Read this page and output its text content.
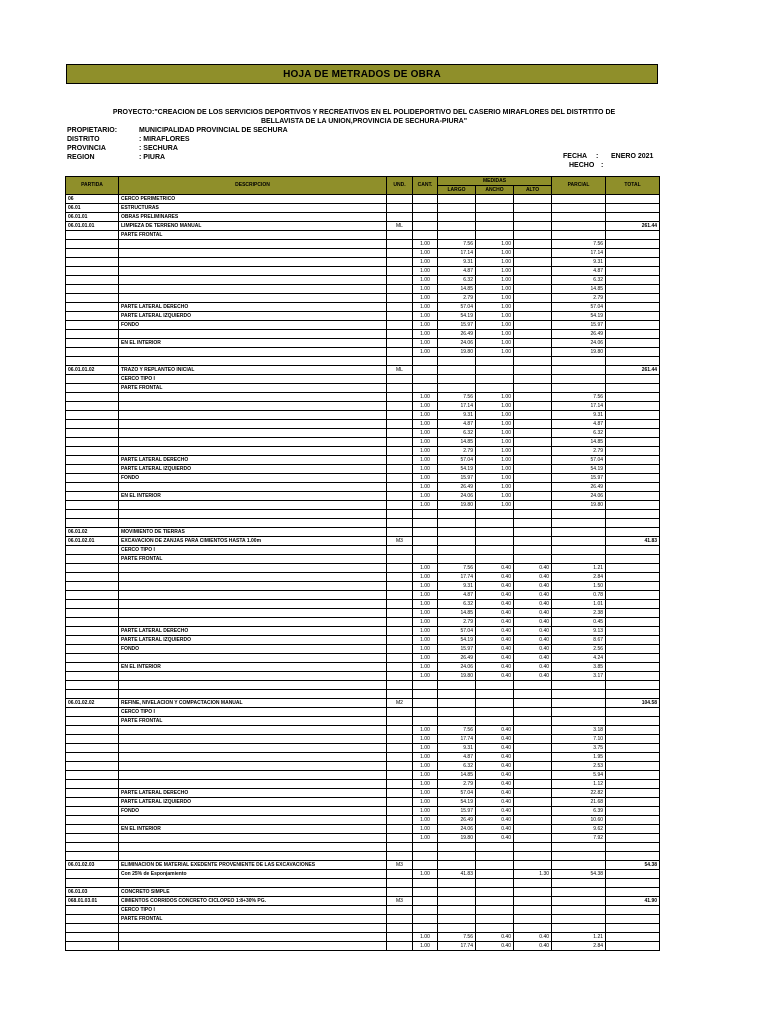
HOJA DE METRADOS DE OBRA
PROYECTO:"CREACION DE LOS SERVICIOS DEPORTIVOS Y RECREATIVOS EN EL POLIDEPORTIVO DEL CASERIO MIRAFLORES DEL DISTRTITO DE
BELLAVISTA DE LA UNION,PROVINCIA DE SECHURA-PIURA"
PROPIETARIO:	MUNICIPALIDAD PROVINCIAL DE SECHURA
DISTRITO	: MIRAFLORES
PROVINCIA	: SECHURA
REGION	: PIURA	FECHA : ENERO 2021
HECHO :
PARTIDA	DESCRIPCION	UND.	CANT.	MEDIDAS			PARCIAL	TOTAL
				LARGO	ANCHO	ALTO		
06	CERCO PERIMETRICO							
06.01	ESTRUCTURAS							
06.01.01	OBRAS PRELIMINARES							
06.01.01.01	LIMPIEZA DE TERRENO MANUAL	ML						261.44
	PARTE FRONTAL							
			1.00	7.56	1.00		7.56	
			1.00	17.14	1.00		17.14	
			1.00	9.31	1.00		9.31	
			1.00	4.87	1.00		4.87	
			1.00	6.32	1.00		6.32	
			1.00	14.85	1.00		14.85	
			1.00	2.79	1.00		2.79	
	PARTE LATERAL DERECHO		1.00	57.04	1.00		57.04	
	PARTE LATERAL IZQUIERDO		1.00	54.19	1.00		54.19	
	FONDO		1.00	15.97	1.00		15.97	
			1.00	26.49	1.00		26.49	
	EN EL INTERIOR		1.00	24.06	1.00		24.06	
			1.00	19.80	1.00		19.80	

06.01.01.02	TRAZO Y REPLANTEO INICIAL	ML						261.44
	CERCO TIPO I							
	PARTE FRONTAL							
			1.00	7.56	1.00		7.56	
			1.00	17.14	1.00		17.14	
			1.00	9.31	1.00		9.31	
			1.00	4.87	1.00		4.87	
			1.00	6.32	1.00		6.32	
			1.00	14.85	1.00		14.85	
			1.00	2.79	1.00		2.79	
	PARTE LATERAL DERECHO		1.00	57.04	1.00		57.04	
	PARTE LATERAL IZQUIERDO		1.00	54.19	1.00		54.19	
	FONDO		1.00	15.97	1.00		15.97	
			1.00	26.49	1.00		26.49	
	EN EL INTERIOR		1.00	24.06	1.00		24.06	
			1.00	19.80	1.00		19.80	

06.01.02	MOVIMIENTO DE TIERRAS							
06.01.02.01	EXCAVACION DE ZANJAS PARA CIMIENTOS HASTA 1.00m	M3						41.83
	CERCO TIPO I							
	PARTE FRONTAL							
			1.00	7.56	0.40	0.40	1.21	
			1.00	17.74	0.40	0.40	2.84	
			1.00	9.31	0.40	0.40	1.50	
			1.00	4.87	0.40	0.40	0.78	
			1.00	6.32	0.40	0.40	1.01	
			1.00	14.85	0.40	0.40	2.38	
			1.00	2.79	0.40	0.40	0.45	
	PARTE LATERAL DERECHO		1.00	57.04	0.40	0.40	9.13	
	PARTE LATERAL IZQUIERDO		1.00	54.19	0.40	0.40	8.67	
	FONDO		1.00	15.97	0.40	0.40	2.56	
			1.00	26.49	0.40	0.40	4.24	
	EN EL INTERIOR		1.00	24.06	0.40	0.40	3.85	
			1.00	19.80	0.40	0.40	3.17	

06.01.02.02	REFINE, NIVELACION Y COMPACTACION MANUAL	M2						104.58
	CERCO TIPO I							
	PARTE FRONTAL							
			1.00	7.56	0.40		3.18	
			1.00	17.74	0.40		7.10	
			1.00	9.31	0.40		3.75	
			1.00	4.87	0.40		1.95	
			1.00	6.32	0.40		2.53	
			1.00	14.85	0.40		5.94	
			1.00	2.79	0.40		1.12	
	PARTE LATERAL DERECHO		1.00	57.04	0.40		22.82	
	PARTE LATERAL IZQUIERDO		1.00	54.19	0.40		21.68	
	FONDO		1.00	15.97	0.40		6.39	
			1.00	26.49	0.40		10.60	
	EN EL INTERIOR		1.00	24.06	0.40		9.62	
			1.00	19.80	0.40		7.92	

06.01.02.03	ELIMINACION DE MATERIAL EXEDENTE PROVENIENTE DE LAS EXCAVACIONES	M3						54.38
	Con 25% de Esponjamiento		1.00	41.83		1.30	54.38	

06.01.03	CONCRETO SIMPLE							
068.01.03.01	CIMIENTOS CORRIDOS CONCRETO CICLOPEO 1:8+30% PG.	M3						41.90
	CERCO TIPO I							
	PARTE FRONTAL							

			1.00	7.56	0.40	0.40	1.21	
			1.00	17.74	0.40	0.40	2.84	
